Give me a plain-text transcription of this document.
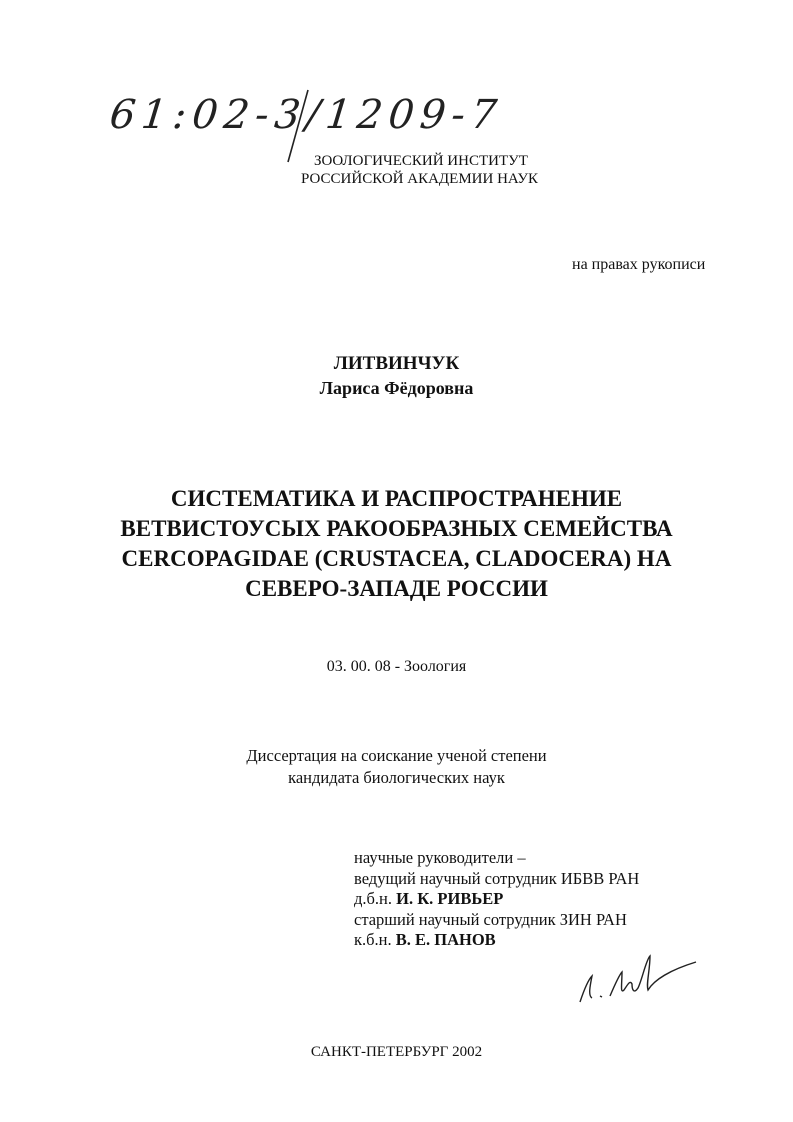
61:02-3/1209-7
ЗООЛОГИЧЕСКИЙ ИНСТИТУТ
РОССИЙСКОЙ АКАДЕМИИ НАУК
на правах рукописи
ЛИТВИНЧУК
Лариса Фёдоровна
СИСТЕМАТИКА И РАСПРОСТРАНЕНИЕ
ВЕТВИСТОУСЫХ РАКООБРАЗНЫХ СЕМЕЙСТВА
CERCOPAGIDAE (CRUSTACEA, CLADOCERA) НА
СЕВЕРО-ЗАПАДЕ РОССИИ
03. 00. 08 - Зоология
Диссертация на соискание ученой степени
кандидата биологических наук
научные руководители –
ведущий научный сотрудник ИБВВ РАН
д.б.н. И. К. РИВЬЕР
старший научный сотрудник ЗИН РАН
к.б.н. В. Е. ПАНОВ
САНКТ-ПЕТЕРБУРГ 2002
